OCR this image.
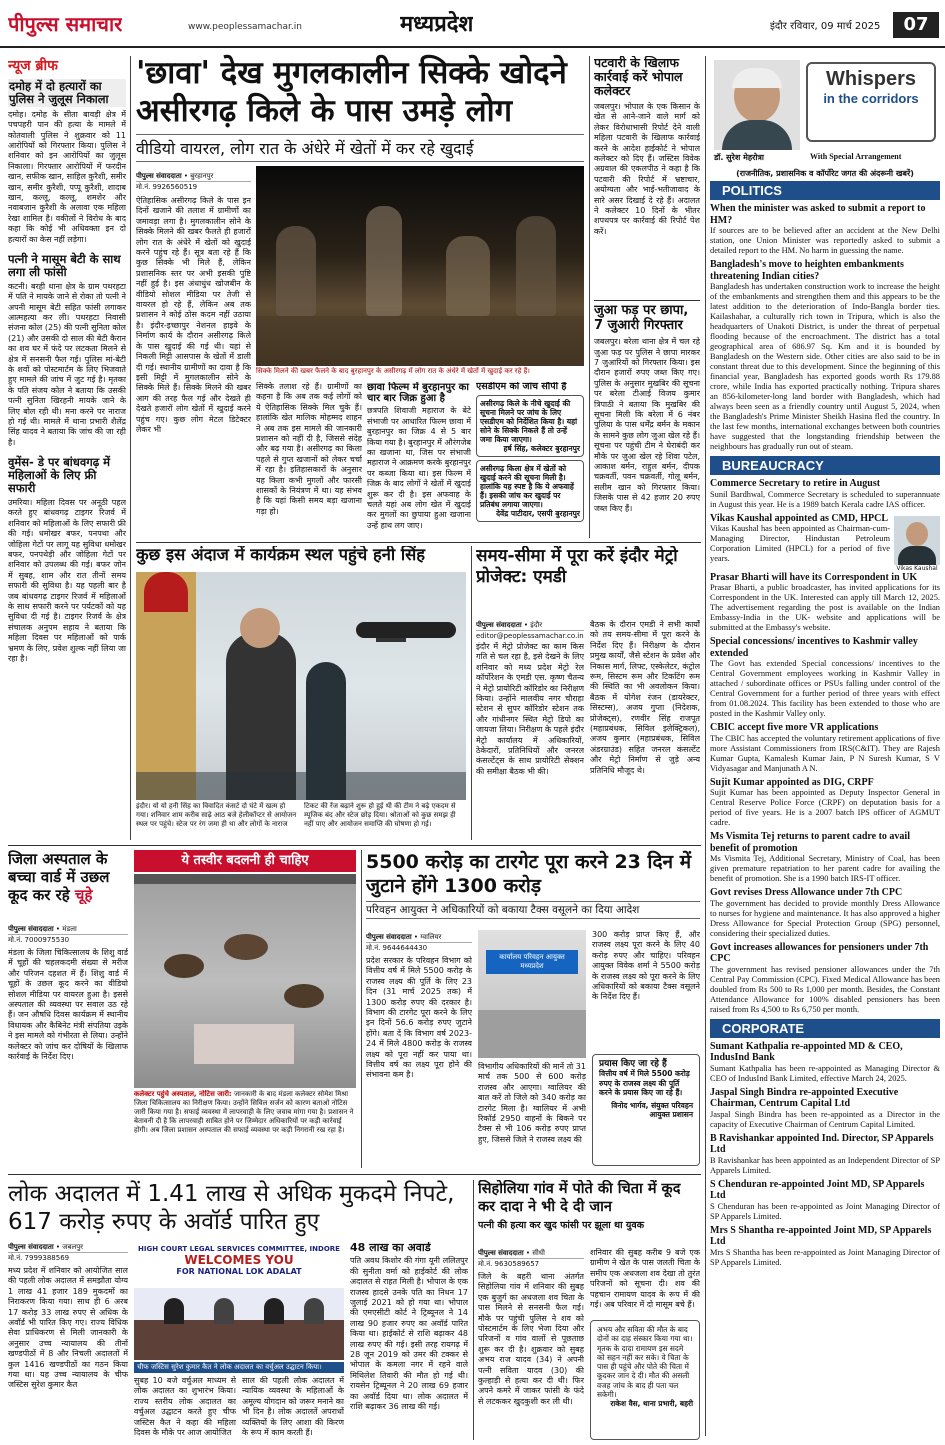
पीपुल्स समाचार	www.peoplessamachar.in	मध्यप्रदेश	इंदौर रविवार, 09 मार्च 2025	07
न्यूज ब्रीफ
दमोह में दो हत्यारों का पुलिस ने जुलूस निकाला
दमोह। दमोह के सीता बावड़ी क्षेत्र में पचपहरी पान की हत्या के मामले में कोतवाली पुलिस ने शुक्रवार को 11 आरोपियों को गिरफ्तार किया। पुलिस ने शनिवार को इन आरोपियों का जुलूस निकाला। गिरफ्तार आरोपियों में फरदीन खान, सफीक खान, साहिल कुरैशी, समीर खान, समीर कुरैशी, पप्पू कुरैशी, शादाब खान, कल्लू, कल्लू, शमशेर और नवाबजान कुरैशी के अलावा एक महिला रेखा शामिल है। वकीलों ने विरोध के बाद कहा कि कोई भी अधिवक्ता इन दो हत्यारों का केस नहीं लड़ेगा।
पत्नी ने मासूम बेटी के साथ लगा ली फांसी
कटनी। बरही थाना क्षेत्र के ग्राम पथरहटा में पति ने मायके जाने से रोका तो पत्नी ने अपनी मासूम बेटी सहित फांसी लगाकर आत्महत्या कर ली। पथरहटा निवासी संजना कोल (25) की पत्नी सुनिता कोल (21) और उसकी दो साल की बेटी कैरान का शव घर में फंदे पर लटकता मिलने से क्षेत्र में सनसनी फैल गई। पुलिस मां-बेटी के शवों को पोस्टमार्टम के लिए भिजवाते हुए मामले की जांच में जुट गई है। मृतका के पति संजय कोल ने बताया कि उसकी पत्नी सुनिता खिरहनी मायके जाने के लिए बोल रही थी। मना करने पर नाराज हो गई थी। मामले में थाना प्रभारी शैलेंद्र सिंह यादव ने बताया कि जांच की जा रही है।
वुमेंस- डे पर बांधवगढ़ में महिलाओं के लिए फ्री सफारी
उमरिया। महिला दिवस पर अनूठी पहल करते हुए बांधवगढ़ टाइगर रिजर्व में शनिवार को महिलाओं के लिए सफारी फ्री की गई। धमोखर बफर, पनपथा और जोहिला गेटों पर लागू यह सुविधा धमोखर बफर, पनपथेड़ी और जोहिला गेटों पर शनिवार को उपलब्ध की गई। बफर जोन में सुबह, शाम और रात तीनों समय सफारी की सुविधा है। यह पहली बार है जब बांधवगढ़ टाइगर रिजर्व में महिलाओं के साथ सफारी करने पर पर्यटकों को यह सुविधा दी गई है। टाइगर रिजर्व के क्षेत्र संचालक अनुपम सहाय ने बताया कि महिला दिवस पर महिलाओं को पार्क भ्रमण के लिए, प्रवेश शुल्क नहीं लिया जा रहा है।
'छावा' देख मुगलकालीन सिक्के खोदने असीरगढ़ किले के पास उमड़े लोग
वीडियो वायरल, लोग रात के अंधेरे में खेतों में कर रहे खुदाई
पीपुल्स संवाददाता • बुरहानपुर
मो.नं. 9926560519
सिक्के मिलने की खबर फैलने के बाद बुरहानपुर के असीरगढ़ में लोग रात के अंधेरे में खेतों में खुदाई कर रहे हैं।
ऐतिहासिक असीरगढ़ किले के पास इन दिनों खजाने की तलाश में ग्रामीणों का जमावड़ा लगा है। मुगलकालीन सोने के सिक्के मिलने की खबर फैलते ही हजारों लोग रात के अंधेरे में खेतों को खुदाई करने पहुंच रहे हैं। सूत्र बता रहे हैं कि कुछ सिक्के भी मिले हैं, लेकिन प्रशासनिक स्तर पर अभी इसकी पुष्टि नहीं हुई है। इस अंधाधुंध खोजबीन के वीडियो सोशल मीडिया पर तेजी से वायरल हो रहे हैं, लेकिन अब तक प्रशासन ने कोई ठोस कदम नहीं उठाया है। इंदौर-इच्छापुर नेशनल हाइवे के निर्माण कार्य के दौरान असीरगढ़ किले के पास खुदाई की गई थी। यहां से निकली मिट्टी आसपास के खेतों में डाली दी गई। स्थानीय ग्रामीणों का दावा है कि इसी मिट्टी में मुगलकालीन सोने के सिक्के मिले हैं। सिक्के मिलने की खबर आग की तरह फैल गई और देखते ही देखते हजारों लोग खेतों में खुदाई करने पहुंच गए। कुछ लोग मेटल डिटेक्टर लेकर भी
सिक्के तलाश रहे हैं। ग्रामीणों का कहना है कि अब तक कई लोगों को ये ऐतिहासिक सिक्के मिल चुके हैं। हालांकि खेत मालिक मोहम्मद शाहन ने अब तक इस मामले की जानकारी प्रशासन को नहीं दी है, जिससे संदेह और बढ़ गया है। असीरगढ़ का किला पहले से गुप्त खजानों को लेकर चर्चा में रहा है। इतिहासकारों के अनुसार यह किला कभी मुगलों और फारसी शासकों के नियंत्रण में था। यह संभव है कि यहां किसी समय बड़ा खजाना गड़ा हो।
छावा फिल्म में बुरहानपुर का चार बार जिक्र हुआ है
छत्रपति शिवाजी महाराज के बेटे संभाजी पर आधारित फिल्म छावा में बुरहानपुर का जिक्र 4 से 5 बार किया गया है। बुरहानपुर में औरंगजेब का खजाना था, जिस पर संभाजी महाराज ने आक्रमण करके बुरहानपुर पर कब्जा किया था। इस फिल्म में जिक्र के बाद लोगों ने खेतों में खुदाई शुरू कर दी है। इस अफवाह के चलते यहां अब लोग खेत में खुदाई कर मुगलों का छुपाया हुआ खजाना उन्हें हाथ लग जाए।
एसडीएम को जांच सौंपी है
असीरगढ़ किले के नीचे खुदाई की सूचना मिलने पर जांच के लिए एसडीएम को निर्देशित किया है। यहां सोने के सिक्के निकले हैं तो उन्हें जमा किया जाएगा।
हर्ष सिंह, कलेक्टर बुरहानपुर
असीरगढ़ किला क्षेत्र में खेतों को खुदाई करने की सूचना मिली है। हालांकि यह स्पष्ट है कि ये अफवाहें हैं। इसकी जांच कर खुदाई पर प्रतिबंध लगाया जाएगा।
देवेंद्र पाटीदार, एसपी बुरहानपुर
पटवारी के खिलाफ कार्रवाई करें भोपाल कलेक्टर
जबलपुर। भोपाल के एक किसान के खेत से आने-जाने वाले मार्ग को लेकर विरोधाभासी रिपोर्ट देने वाली महिला पटवारी के खिलाफ कार्रवाई करने के आदेश हाईकोर्ट ने भोपाल कलेक्टर को दिए हैं। जस्टिस विवेक अग्रवाल की एकलपीठ ने कहा है कि पटवारी की रिपोर्ट में भ्रष्टाचार, अयोग्यता और भाई-भतीजावाद के सारे असर दिखाई दे रहे हैं। अदालत ने कलेक्टर 10 दिनों के भीतर शपथपत्र पर कार्रवाई की रिपोर्ट पेश करें।
जुआ फड़ पर छापा, 7 जुआरी गिरफ्तार
जबलपुर। बरेला थाना क्षेत्र में चल रहे जुआ फड़ पर पुलिस ने छापा मारकर 7 जुआरियों को गिरफ्तार किया। इस दौरान हजारों रुपए जब्त किए गए। पुलिस के अनुसार मुखबिर की सूचना पर बरेला टीआई विजय कुमार त्रिपाठी ने बताया कि मुखबिर की सूचना मिली कि बरेला में 6 नंबर पुलिया के पास धर्मेंद्र बर्मन के मकान के सामने कुछ लोग जुआ खेल रहे हैं। सूचना पर पहुंची टीम ने घेराबंदी कर मौके पर जुआ खेल रहे शिवा पटेल, आकाश बर्मन, राहुल बर्मन, दीपक चक्रवर्ती, पवन चक्रवर्ती, गोलू बर्मन, सलीम खान को गिरफ्तार किया। जिसके पास से 42 हजार 20 रुपए जब्त किए हैं।
कुछ इस अंदाज में कार्यक्रम स्थल पहुंचे हनी सिंह
इंदौर। यो यो हनी सिंह का विवादित कंसर्ट दो घंटे में खत्म हो गया। शनिवार शाम करीब साढ़े आठ बजे हेलीकॉप्टर से आयोजन स्थल पर पहुंचे। स्टेज पर रंग जमा ही था और लोगों के नाराज
टिकट की रेंज बढ़ाने शुरू हो हुई थी की टीम ने बढ़े एकदम से म्यूजिक बंद और स्टेज छोड़ दिया। श्रोताओं को कुछ समझ ही नहीं पाए और आयोजन समाप्ति की घोषणा हो गई।
समय-सीमा में पूरा करें इंदौर मेट्रो प्रोजेक्ट: एमडी
पीपुल्स संवाददाता • इंदौर
editor@peoplessamachar.co.in
इंदौर में मेट्रो प्रोजेक्ट का काम किस गति से चल रहा है, इसे देखने के लिए शनिवार को मध्य प्रदेश मेट्रो रेल कॉर्पोरेशन के एमडी एस. कृष्ण चैतन्य ने मेट्रो प्रायोरिटी कॉरिडोर का निरीक्षण किया। उन्होंने मालवीय नगर चौराहा स्टेशन से सुपर कॉरिडोर स्टेशन तक और गांधीनगर स्थित मेट्रो डिपो का जायजा लिया। निरीक्षण के पहले इंदौर मेट्रो कार्यालय में अधिकारियों, ठेकेदारों, प्रतिनिधियों और जनरल कंसल्टेंट्स के साथ प्रायोरिटी सेक्शन की समीक्षा बैठक भी की।
बैठक के दौरान एमडी ने सभी कार्यों को तय समय-सीमा में पूरा करने के निर्देश दिए हैं। निरीक्षण के दौरान प्रमुख कार्यों, जैसे स्टेशन के प्रवेश और निकास मार्ग, लिफ्ट, एस्केलेटर, कंट्रोल रूम, सिस्टम रूम और टिकटिंग रूम की स्थिति का भी अवलोकन किया। बैठक में योगेश रंजन (डायरेक्टर, सिस्टम्स), अजय गुप्ता (निदेशक, प्रोजेक्ट्स), रणवीर सिंह राजपूत (महाप्रबंधक, सिविल इलेक्ट्रिकल), अजय कुमार (महाप्रबंधक, सिविल अंडरग्राउंड) सहित जनरल कंसल्टेंट और मेट्रो निर्माण से जुड़े अन्य प्रतिनिधि मौजूद थे।
जिला अस्पताल के बच्चा वार्ड में उछल कूद कर रहे चूहे
पीपुल्स संवाददाता • मंडला
मो.नं. 7000975530
मंडला के जिला चिकित्सालय के शिशु वार्ड में चूहों की चहलकदमी संख्या से मरीज और परिजन दहशत में हैं। शिशु वार्ड में चूहों के उछल कूद करने का वीडियो सोशल मीडिया पर वायरल हुआ है। इससे अस्पताल की व्यवस्था पर सवाल उठ रहे हैं। जन औषधि दिवस कार्यक्रम में स्थानीय विधायक और कैबिनेट मंत्री संपतिया उइके ने इस मामले को गंभीरता से लिया। उन्होंने कलेक्टर को जांच कर दोषियों के खिलाफ कार्रवाई के निर्देश दिए।
ये तस्वीर बदलनी ही चाहिए
कलेक्टर पहुंचे अस्पताल, नोटिस जारी: जानकारी के बाद मंडला कलेक्टर सोमेश मिश्रा जिला चिकित्सालय का निरीक्षण किया। उन्होंने सिविल सर्जन को कारण बताओ नोटिस जारी किया गया है। सफाई व्यवस्था में लापरवाही के लिए जवाब मांगा गया है। प्रशासन ने बेतावनी दी है कि लापरवाही साबित होने पर जिम्मेदार अधिकारियों पर कड़ी कार्रवाई होगी। अब जिला प्रशासन अस्पताल की सफाई व्यवस्था पर कड़ी निगरानी रख रहा है।
5500 करोड़ का टारगेट पूरा करने 23 दिन में जुटाने होंगे 1300 करोड़
परिवहन आयुक्त ने अधिकारियों को बकाया टैक्स वसूलने का दिया आदेश
पीपुल्स संवाददाता • ग्वालियर
मो.नं. 9644644430
प्रदेश सरकार के परिवहन विभाग को वित्तीय वर्ष में मिले 5500 करोड़ के राजस्व लक्ष्य की पूर्ति के लिए 23 दिन (31 मार्च 2025 तक) में 1300 करोड़ रुपए की दरकार है। विभाग की टारगेट पूरा करने के लिए इन दिनों 56.6 करोड़ रुपए जुटाने होंगे। बता दें कि विभाग वर्ष 2023-24 में मिले 4800 करोड़ के राजस्व लक्ष्य को पूरा नहीं कर पाया था। वित्तीय वर्ष का लक्ष्य पूरा होने की संभावना कम है।
कार्यालय परिवहन आयुक्त मध्यप्रदेश
विभागीय अधिकारियों की मानें तो 31 मार्च तक 500 से 600 करोड़ राजस्व और आएगा। ग्वालियर की बात करें तो जिले को 340 करोड़ का टारगेट मिला है। ग्वालियर में अभी रिकॉर्ड 2950 वाहनों के बिकने पर टैक्स से भी 106 करोड़ रुपए प्राप्त हुए, जिससे जिले ने राजस्व लक्ष्य की
300 करोड़ प्राप्त किए हैं, और राजस्व लक्ष्य पूरा करने के लिए 40 करोड़ रुपए और चाहिए। परिवहन आयुक्त विवेक शर्मा ने 5500 करोड़ के राजस्व लक्ष्य को पूरा करने के लिए अधिकारियों को बकाया टैक्स वसूलने के निर्देश दिए हैं।
प्रयास किए जा रहे हैं
वित्तीय वर्ष में मिले 5500 करोड़ रुपए के राजस्व लक्ष्य की पूर्ति करने के प्रयास किए जा रहे हैं।
विनोद भार्गव, संयुक्त परिवहन आयुक्त प्रशासन
लोक अदालत में 1.41 लाख से अधिक मुकदमे निपटे, 617 करोड़ रुपए के अवॉर्ड पारित हुए
पीपुल्स संवाददाता • जबलपुर
मो.नं. 7999388569
मध्य प्रदेश में शनिवार को आयोजित साल की पहली लोक अदालत में समझौता योग्य 1 लाख 41 हजार 189 मुकदमों का निराकरण किया गया। साथ ही 6 अरब 17 करोड़ 33 लाख रुपए से अधिक के अवॉर्ड भी पारित किए गए। राज्य विधिक सेवा प्राधिकरण से मिली जानकारी के अनुसार उच्च न्यायालय की तीनों खण्डपीठों में 8 और निचली अदालतों में कुल 1416 खण्डपीठों का गठन किया गया था। यह उच्च न्यायालय के चीफ जस्टिस सुरेश कुमार कैत
HIGH COURT LEGAL SERVICES COMMITTEE, INDORE
WELCOMES YOU
FOR NATIONAL LOK ADALAT
चीफ जस्टिस सुरेश कुमार कैत ने लोक अदालत का वर्चुअल उद्घाटन किया।
सुबह 10 बजे वर्चुअल माध्यम से लोक अदालत का शुभारंभ किया। राज्य स्तरीय लोक अदालत का वर्चुअल उद्घाटन करते हुए चीफ जस्टिस कैत ने कहा की महिला दिवस के मौके पर आज आयोजित
साल की पहली लोक अदालत में न्यायिक व्यवस्था के महिलाओं के अमूल्य योगदान को जरूर मनाने का भी दिन है। लोक अदालतें अपराधों व्यक्तियों के लिए आशा की किरण के रूप में काम करती हैं।
48 लाख का अवार्ड
पति अवध किशोर की गंगा यूनी ललितपुर की सुनीता वर्मा को हाईकोर्ट की लोक अदालत से राहत मिली है। भोपाल के एक राजस्व हादसे उनके पति का निधन 17 जुलाई 2021 को हो गया था। भोपाल की एमएसीटी कोर्ट ने ट्रिब्यूनल ने 14 लाख 90 हजार रुपए का अवॉर्ड पारित किया था। हाईकोर्ट से राशि बढ़ाकर 48 लाख रुपए की गई। इसी तरह रायगढ़ में 28 जून 2019 को उमर की टक्कर से भोपाल के कमला नगर में रहने वाले मिथिलेश तिवारी की मौत हो गई थी। रायसेन ट्रिब्यूनल ने 20 लाख 69 हजार का अवॉर्ड दिया था। लोक अदालत में राशि बढ़ाकर 36 लाख की गई।
सिहोलिया गांव में पोते की चिता में कूद कर दादा ने भी दे दी जान
पत्नी की हत्या कर खुद फांसी पर झूला था युवक
पीपुल्स संवाददाता • सीधी
मो.नं. 9630589657
जिले के बहरी थाना अंतर्गत सिहोलिया गांव में शनिवार की सुबह एक बुजुर्ग का अधजला शव चिता के पास मिलने से सनसनी फैल गई। मौके पर पहुंची पुलिस ने शव को पोस्टमार्टम के लिए भेजा दिया और परिजनों व गांव वालों से पूछताछ शुरू कर दी है। शुक्रवार को सुबह अभय राज यादव (34) ने अपनी पत्नी सविता यादव (30) की कुल्हाड़ी से हत्या कर दी थी। फिर अपने कमरे में जाकर फांसी के फंदे से लटककर खुदकुशी कर ली थी।
शनिवार की सुबह करीब 9 बजे एक ग्रामीण ने खेत के पास जलती चिता के समीप एक अधजला शव देखा तो तुरंत परिजनों को सूचना दी। शव की पहचान रामायण यादव के रूप में की गई। अब परिवार में दो मासूम बचे हैं।
अभय और सविता की मौत के बाद दोनों का दाह संस्कार किया गया था। मृतक के दादा रामायण इस सदमे को सहन नहीं कर सके। वे चिता के पास ही पहुंचे और पोते की चिता में कूदकर जान दे दी। मौत की असली वजह जांच के बाद ही पता चल सकेगी।
राकेश वैस, थाना प्रभारी, बहरी
Whispers
in the corridors
डॉ. सुरेश मेहरोत्रा	With Special Arrangement
(राजनीतिक, प्रशासनिक व कॉर्पोरेट जगत की अंदरूनी खबरें)
POLITICS
When the minister was asked to submit a report to HM?
If sources are to be believed after an accident at the New Delhi station, one Union Minister was reportedly asked to submit a detailed report to the HM. No harm in guessing the name.
Bangladesh's move to heighten embankments threatening Indian cities?
Bangladesh has undertaken construction work to increase the height of the embankments and strengthen them and this appears to be the latest addition to the deterioration of Indo-Bangla border ties. Kailashahar, a culturally rich town in Tripura, which is also the headquarters of Unakoti District, is under the threat of perpetual flooding because of the encroachment. The district has a total geographical area of 686.97 Sq. Km and it is bounded by Bangladesh on the Western side. Other cities are also said to be in constant threat due to this development. Since the beginning of this financial year, Bangladesh has exported goods worth Rs 179.88 crore, while India has exported practically nothing. Tripura shares an 856-kilometer-long land border with Bangladesh, which had always been seen as a friendly country until August 5, 2024, when the Bangladesh's Prime Minister Sheikh Hasina fled the country. In the last few months, international exchanges between both countries have suggested that the longstanding friendship between the neighbours has gradually run out of steam.
BUREAUCRACY
Commerce Secretary to retire in August
Sunil Bardhwal, Commerce Secretary is scheduled to superannuate in August this year. He is a 1989 batch Kerala cadre IAS officer.
Vikas Kaushal
Vikas Kaushal appointed as CMD, HPCL
Vikas Kaushal has been appointed as Chairman-cum-Managing Director, Hindustan Petroleum Corporation Limited (HPCL) for a period of five years.
Prasar Bharti will have its Correspondent in UK
Prasar Bharti, a public broadcaster, has invited applications for its Correspondent in the UK. Interested can apply till March 12, 2025. The advertisement regarding the post is available on the Indian Embassy-India in the UK- website and applications will be submitted at the Embassy's website.
Special concessions/ incentives to Kashmir valley extended
The Govt has extended Special concessions/ incentives to the Central Government employees working in Kashmir Valley in attached / subordinate offices or PSUs falling under control of the Central Government for a further period of three years with effect from 01.08.2024. This facility has been extended to those who are posted in the Kashmir Valley only.
CBIC accept five more VR applications
The CBIC has accepted the voluntary retirement applications of five more Assistant Commissioners from IRS(C&IT). They are Rajesh Kumar Gupta, Kamalesh Kumar Jain, P N Suresh Kumar, S V Vidyasagar and Manjunath A N.
Sujit Kumar appointed as DIG, CRPF
Sujit Kumar has been appointed as Deputy Inspector General in Central Reserve Police Force (CRPF) on deputation basis for a period of five years. He is a 2007 batch IPS officer of AGMUT cadre.
Ms Vismita Tej returns to parent cadre to avail benefit of promotion
Ms Vismita Tej, Additional Secretary, Ministry of Coal, has been given premature repatriation to her parent cadre for availing the benefit of promotion. She is a 1990 batch IRS-IT officer.
Govt revises Dress Allowance under 7th CPC
The government has decided to provide monthly Dress Allowance to nurses for hygiene and maintenance. It has also approved a higher Dress Allowance for Special Protection Group (SPG) personnel, considering their specialized duties.
Govt increases allowances for pensioners under 7th CPC
The government has revised pensioner allowances under the 7th Central Pay Commission (CPC). Fixed Medical Allowance has been doubled from Rs 500 to Rs 1,000 per month. Besides, the Constant Attendance Allowance for 100% disabled pensioners has been raised from Rs 4,500 to Rs 6,750 per month.
CORPORATE
Sumant Kathpalia re-appointed MD & CEO, IndusInd Bank
Sumant Kathpalia has been re-appointed as Managing Director & CEO of IndusInd Bank Limited, effective March 24, 2025.
Jaspal Singh Bindra re-appointed Executive Chairman, Centrum Capital Ltd
Jaspal Singh Bindra has been re-appointed as a Director in the capacity of Executive Chairman of Centrum Capital Limited.
B Ravishankar appointed Ind. Director, SP Apparels Ltd
B Ravishankar has been appointed as an Independent Director of SP Apparels Limited.
S Chenduran re-appointed Joint MD, SP Apparels Ltd
S Chenduran has been re-appointed as Joint Managing Director of SP Apparels Limited.
Mrs S Shantha re-appointed Joint MD, SP Apparels Ltd
Mrs S Shantha has been re-appointed as Joint Managing Director of SP Apparels Limited.
